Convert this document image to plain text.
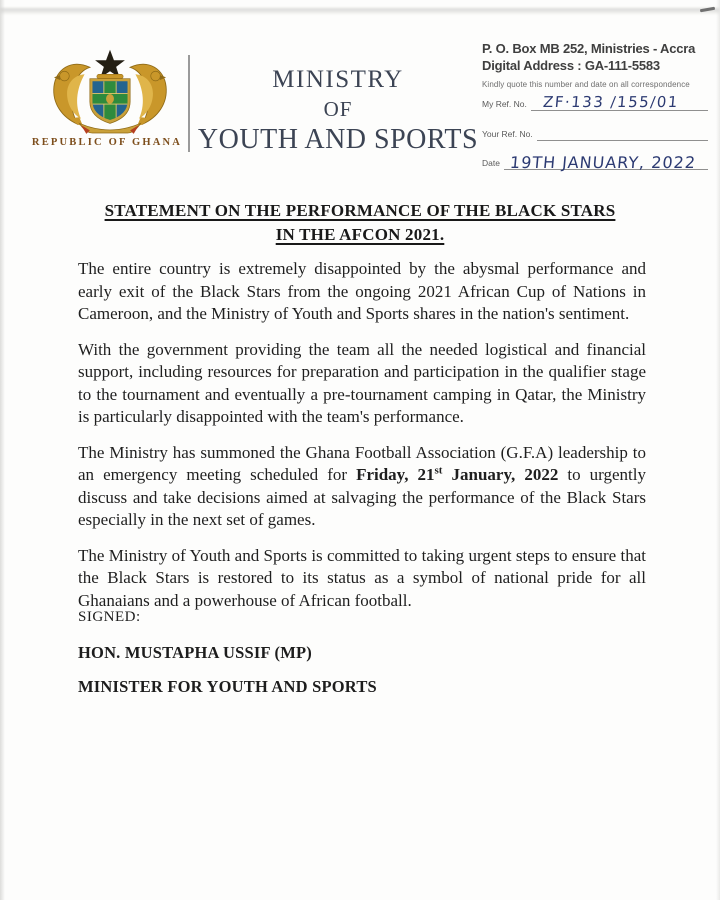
REPUBLIC OF GHANA
MINISTRY
OF
YOUTH AND SPORTS
P. O. Box MB 252, Ministries - Accra
Digital Address : GA-111-5583
Kindly quote this number and date on all correspondence
My Ref. No. ZF·133 /155/01
Your Ref. No.
Date 19TH JANUARY, 2022
STATEMENT ON THE PERFORMANCE OF THE BLACK STARS
IN THE AFCON 2021.

The entire country is extremely disappointed by the abysmal performance and early exit of the Black Stars from the ongoing 2021 African Cup of Nations in Cameroon, and the Ministry of Youth and Sports shares in the nation's sentiment.

With the government providing the team all the needed logistical and financial support, including resources for preparation and participation in the qualifier stage to the tournament and eventually a pre-tournament camping in Qatar, the Ministry is particularly disappointed with the team's performance.

The Ministry has summoned the Ghana Football Association (G.F.A) leadership to an emergency meeting scheduled for Friday, 21st January, 2022 to urgently discuss and take decisions aimed at salvaging the performance of the Black Stars especially in the next set of games.

The Ministry of Youth and Sports is committed to taking urgent steps to ensure that the Black Stars is restored to its status as a symbol of national pride for all Ghanaians and a powerhouse of African football.

SIGNED:
HON. MUSTAPHA USSIF (MP)
MINISTER FOR YOUTH AND SPORTS
